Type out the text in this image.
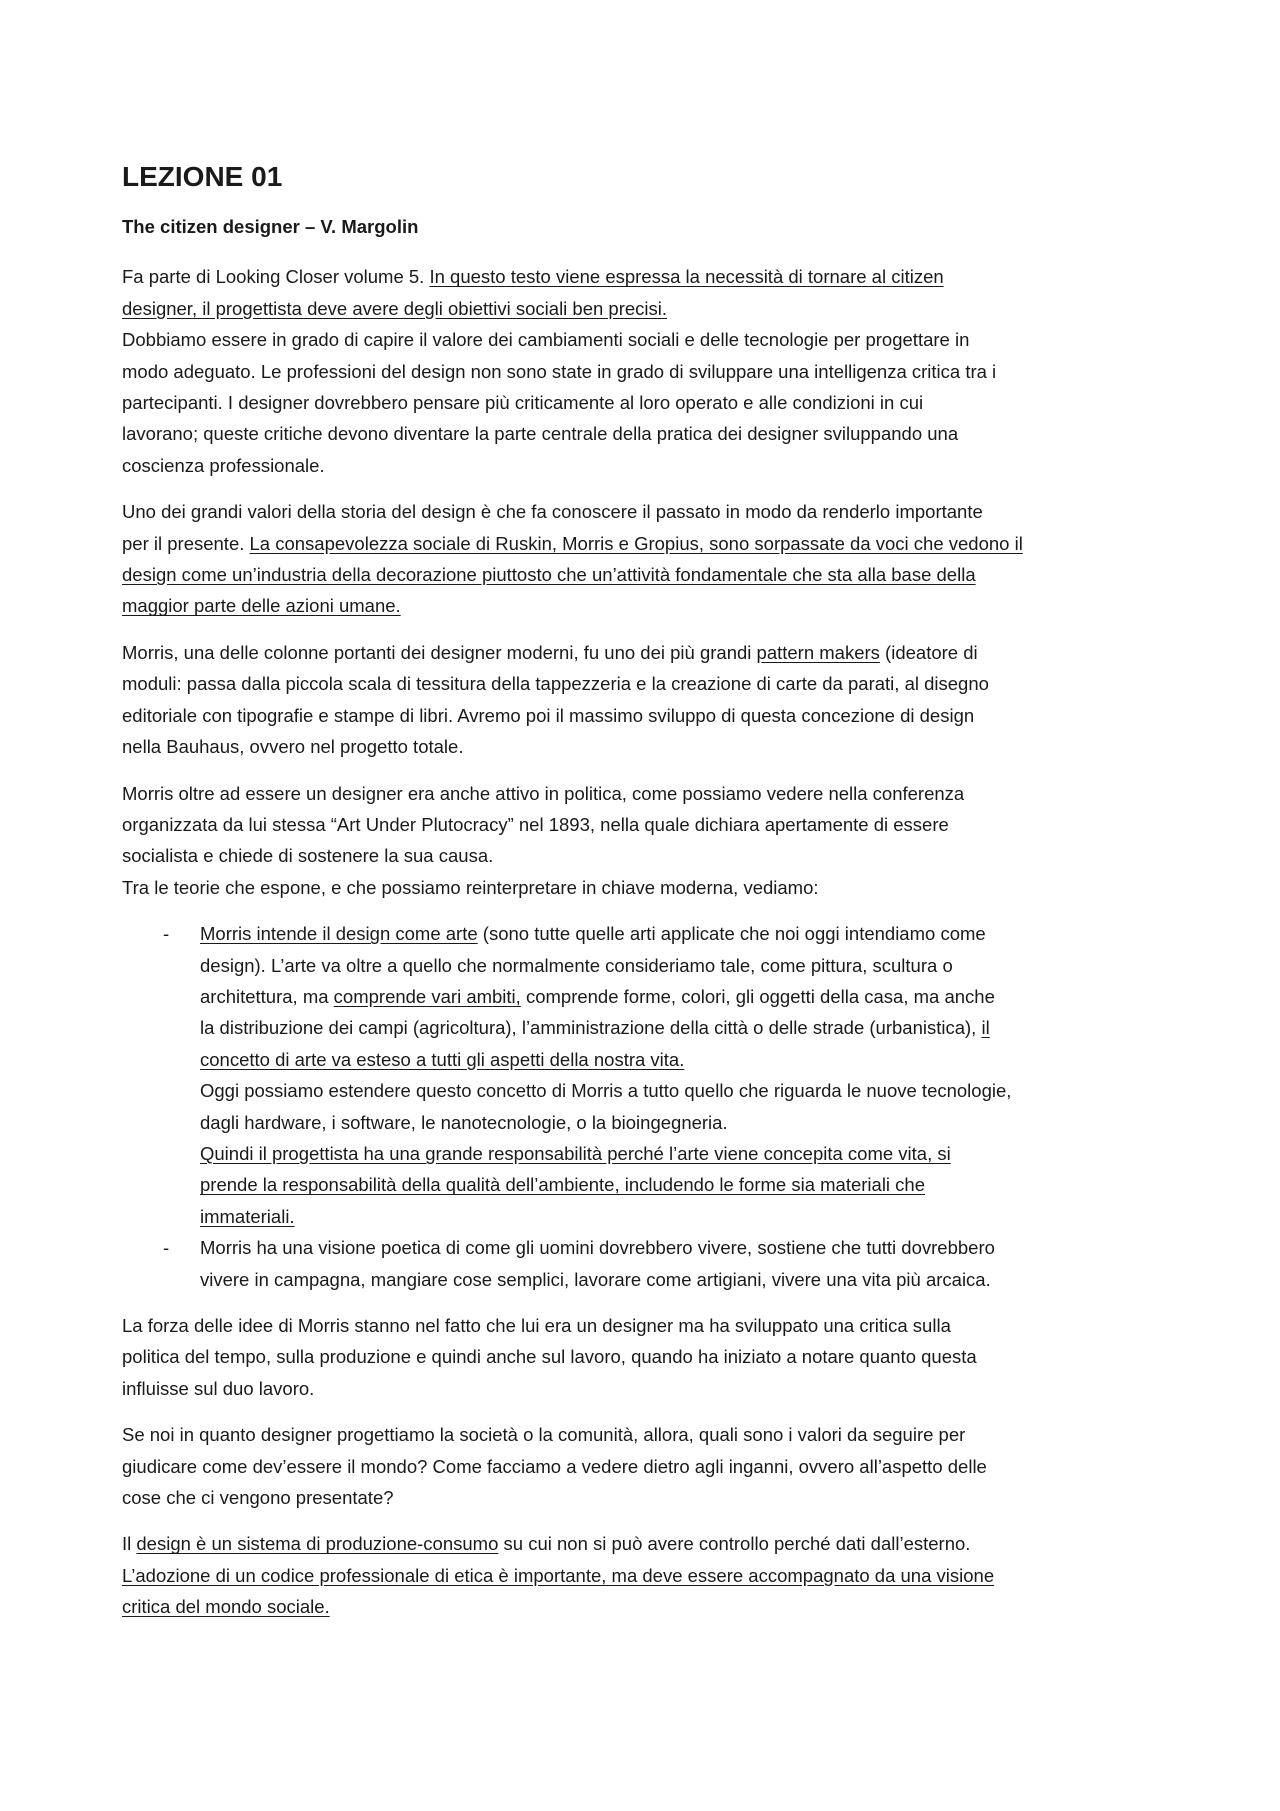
LEZIONE 01
The citizen designer – V. Margolin
Fa parte di Looking Closer volume 5. In questo testo viene espressa la necessità di tornare al citizen
designer, il progettista deve avere degli obiettivi sociali ben precisi.
Dobbiamo essere in grado di capire il valore dei cambiamenti sociali e delle tecnologie per progettare in
modo adeguato. Le professioni del design non sono state in grado di sviluppare una intelligenza critica tra i
partecipanti. I designer dovrebbero pensare più criticamente al loro operato e alle condizioni in cui
lavorano; queste critiche devono diventare la parte centrale della pratica dei designer sviluppando una
coscienza professionale.
Uno dei grandi valori della storia del design è che fa conoscere il passato in modo da renderlo importante
per il presente. La consapevolezza sociale di Ruskin, Morris e Gropius, sono sorpassate da voci che vedono il
design come un’industria della decorazione piuttosto che un’attività fondamentale che sta alla base della
maggior parte delle azioni umane.
Morris, una delle colonne portanti dei designer moderni, fu uno dei più grandi pattern makers (ideatore di
moduli: passa dalla piccola scala di tessitura della tappezzeria e la creazione di carte da parati, al disegno
editoriale con tipografie e stampe di libri. Avremo poi il massimo sviluppo di questa concezione di design
nella Bauhaus, ovvero nel progetto totale.
Morris oltre ad essere un designer era anche attivo in politica, come possiamo vedere nella conferenza
organizzata da lui stessa “Art Under Plutocracy” nel 1893, nella quale dichiara apertamente di essere
socialista e chiede di sostenere la sua causa.
Tra le teorie che espone, e che possiamo reinterpretare in chiave moderna, vediamo:
- Morris intende il design come arte (sono tutte quelle arti applicate che noi oggi intendiamo come
design). L’arte va oltre a quello che normalmente consideriamo tale, come pittura, scultura o
architettura, ma comprende vari ambiti, comprende forme, colori, gli oggetti della casa, ma anche
la distribuzione dei campi (agricoltura), l’amministrazione della città o delle strade (urbanistica), il
concetto di arte va esteso a tutti gli aspetti della nostra vita.
Oggi possiamo estendere questo concetto di Morris a tutto quello che riguarda le nuove tecnologie,
dagli hardware, i software, le nanotecnologie, o la bioingegneria.
Quindi il progettista ha una grande responsabilità perché l’arte viene concepita come vita, si
prende la responsabilità della qualità dell’ambiente, includendo le forme sia materiali che
immateriali.
- Morris ha una visione poetica di come gli uomini dovrebbero vivere, sostiene che tutti dovrebbero
vivere in campagna, mangiare cose semplici, lavorare come artigiani, vivere una vita più arcaica.
La forza delle idee di Morris stanno nel fatto che lui era un designer ma ha sviluppato una critica sulla
politica del tempo, sulla produzione e quindi anche sul lavoro, quando ha iniziato a notare quanto questa
influisse sul duo lavoro.
Se noi in quanto designer progettiamo la società o la comunità, allora, quali sono i valori da seguire per
giudicare come dev’essere il mondo? Come facciamo a vedere dietro agli inganni, ovvero all’aspetto delle
cose che ci vengono presentate?
Il design è un sistema di produzione-consumo su cui non si può avere controllo perché dati dall’esterno.
L’adozione di un codice professionale di etica è importante, ma deve essere accompagnato da una visione
critica del mondo sociale.
